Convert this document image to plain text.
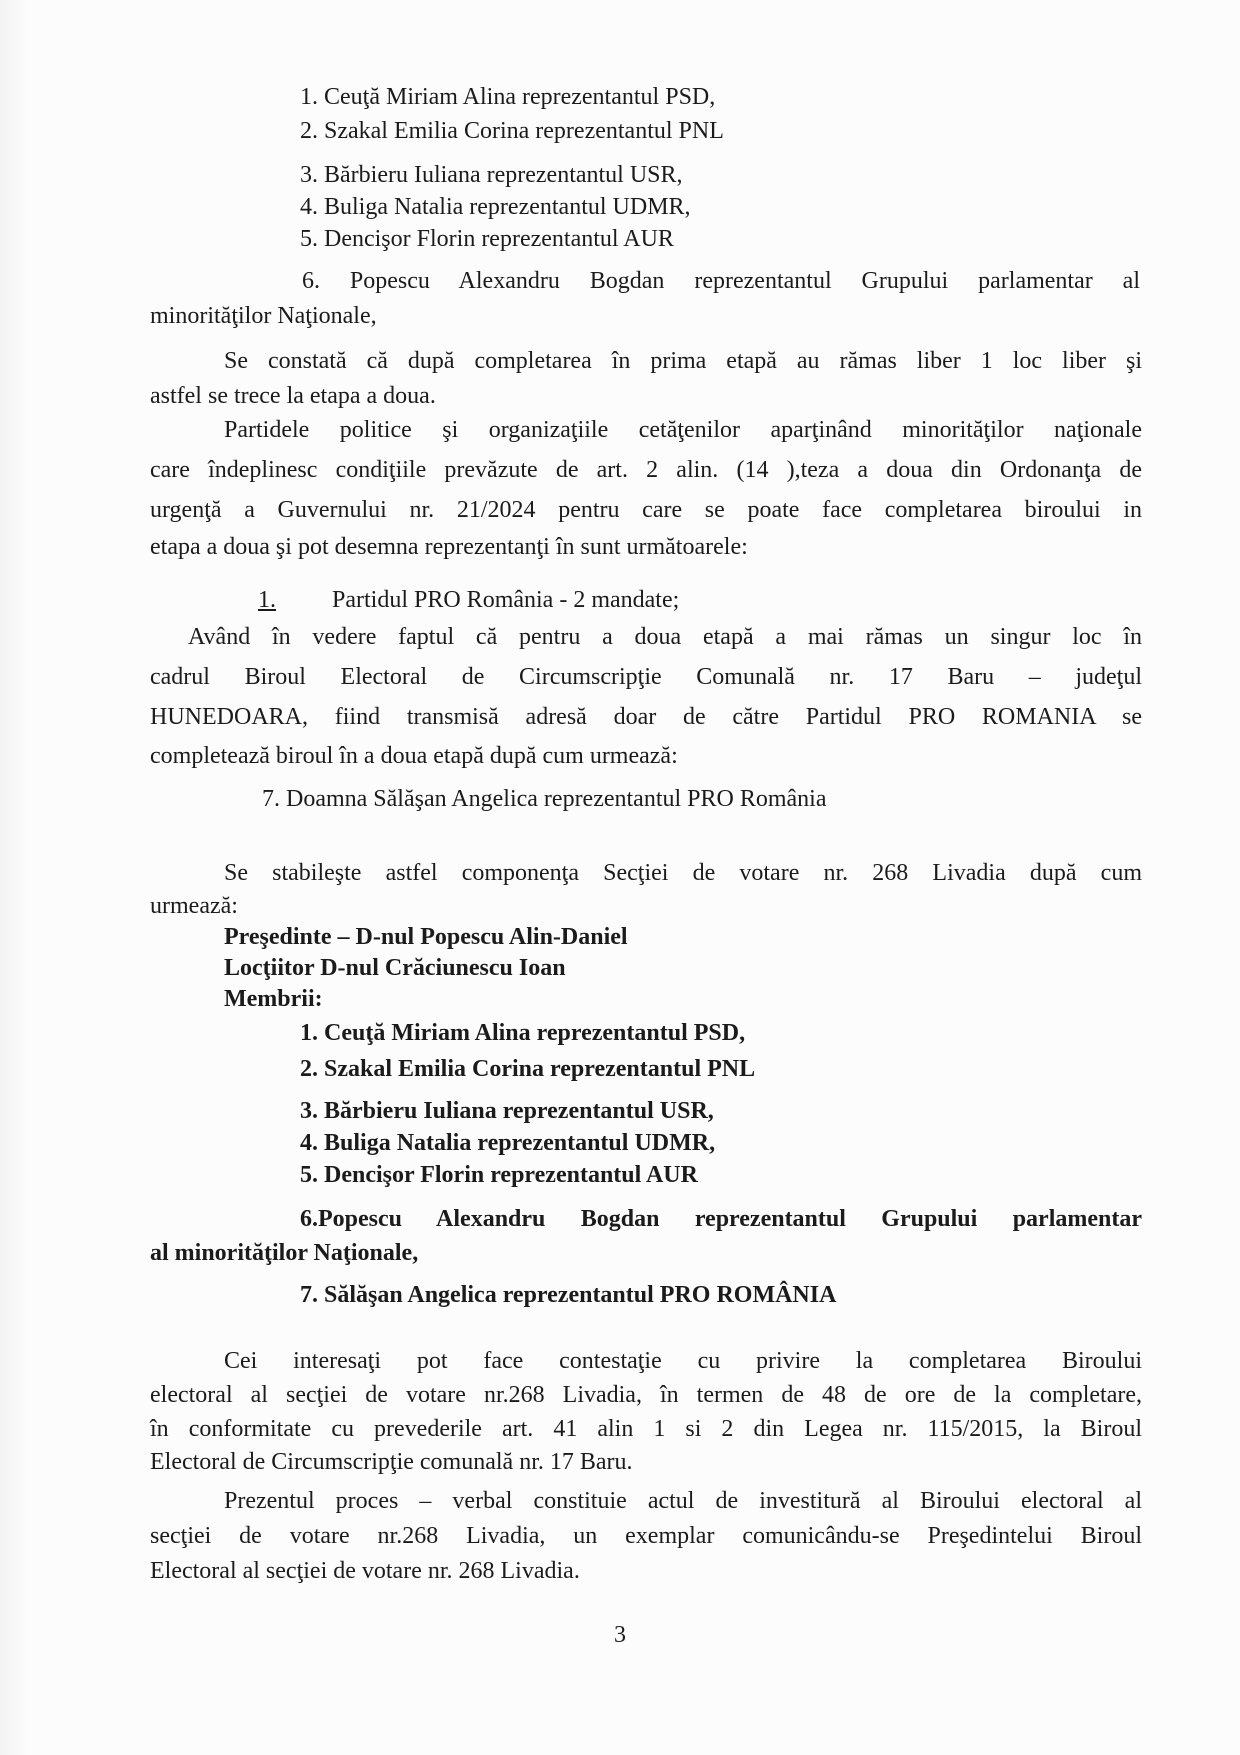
1. Ceuţă Miriam Alina reprezentantul PSD,
2. Szakal Emilia Corina reprezentantul PNL
3. Bărbieru Iuliana reprezentantul USR,
4. Buliga Natalia reprezentantul UDMR,
5. Dencişor Florin reprezentantul AUR
6. Popescu Alexandru Bogdan reprezentantul Grupului parlamentar al
minorităţilor Naţionale,
Se constată că după completarea în prima etapă au rămas liber 1 loc liber şi
astfel se trece la etapa a doua.
Partidele politice şi organizaţiile cetăţenilor aparţinând minorităţilor naţionale
care îndeplinesc condiţiile prevăzute de art. 2 alin. (14 ),teza a doua din Ordonanţa de
urgenţă a Guvernului nr. 21/2024 pentru care se poate face completarea biroului in
etapa a doua şi pot desemna reprezentanţi în sunt următoarele:
1. Partidul PRO România - 2 mandate;
Având în vedere faptul că pentru a doua etapă a mai rămas un singur loc în
cadrul Biroul Electoral de Circumscripţie Comunală nr. 17 Baru – judeţul
HUNEDOARA, fiind transmisă adresă doar de către Partidul PRO ROMANIA se
completează biroul în a doua etapă după cum urmează:
7. Doamna Sălăşan Angelica reprezentantul PRO România
Se stabileşte astfel componenţa Secţiei de votare nr. 268 Livadia după cum
urmează:
Preşedinte – D-nul Popescu Alin-Daniel
Locţiitor D-nul Crăciunescu Ioan
Membrii:
1. Ceuţă Miriam Alina reprezentantul PSD,
2. Szakal Emilia Corina reprezentantul PNL
3. Bărbieru Iuliana reprezentantul USR,
4. Buliga Natalia reprezentantul UDMR,
5. Dencişor Florin reprezentantul AUR
6.Popescu Alexandru Bogdan reprezentantul Grupului parlamentar
al minorităţilor Naţionale,
7. Sălăşan Angelica reprezentantul PRO ROMÂNIA
Cei interesaţi pot face contestaţie cu privire la completarea Biroului
electoral al secţiei de votare nr.268 Livadia, în termen de 48 de ore de la completare,
în conformitate cu prevederile art. 41 alin 1 si 2 din Legea nr. 115/2015, la Biroul
Electoral de Circumscripţie comunală nr. 17 Baru.
Prezentul proces – verbal constituie actul de investitură al Biroului electoral al
secţiei de votare nr.268 Livadia, un exemplar comunicându-se Preşedintelui Biroul
Electoral al secţiei de votare nr. 268 Livadia.
3
